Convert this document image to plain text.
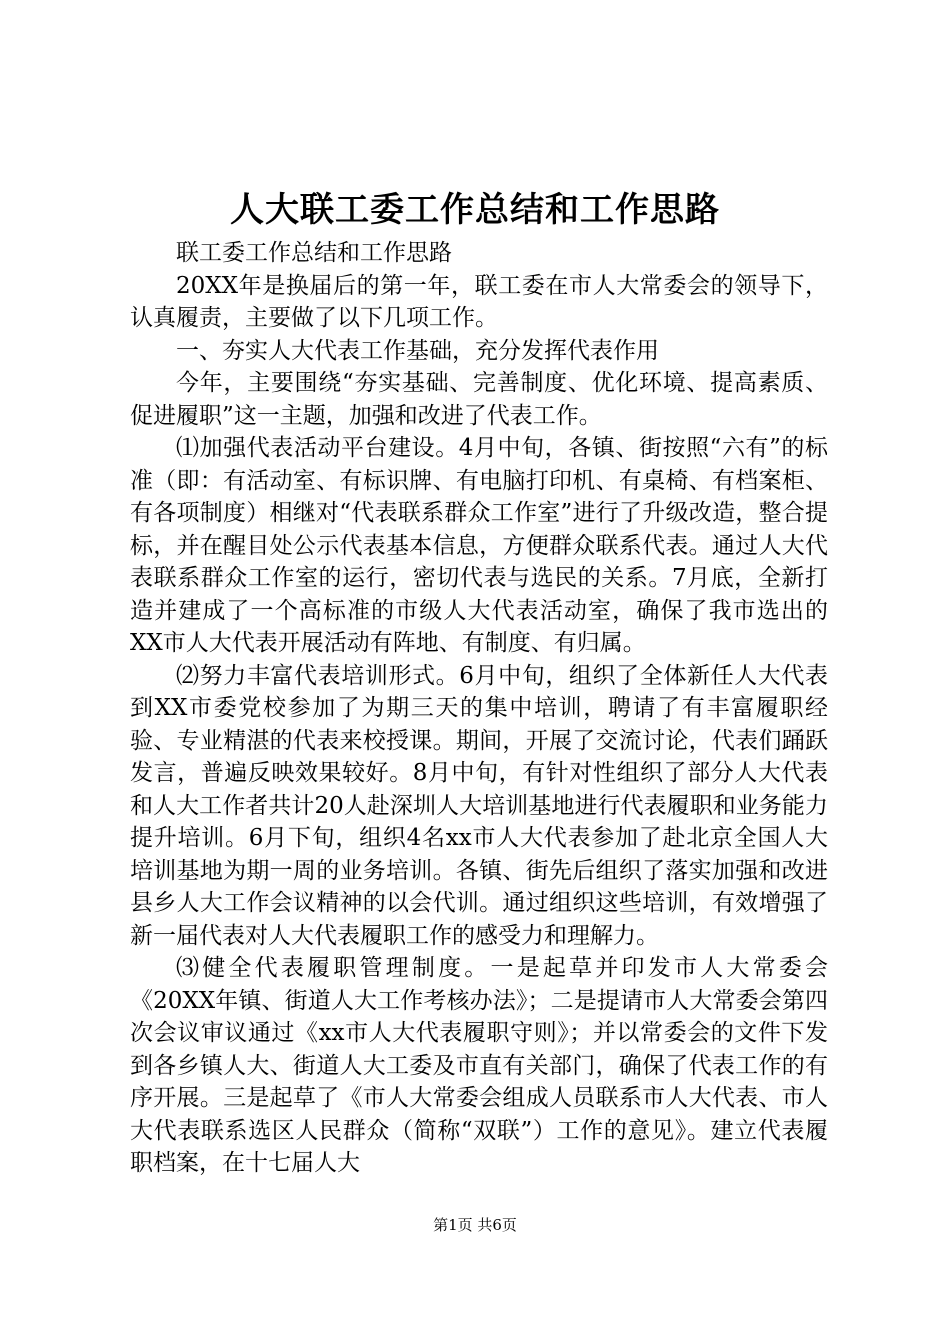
人大联工委工作总结和工作思路

联工委工作总结和工作思路

20XX年是换届后的第一年，联工委在市人大常委会的领导下，认真履责，主要做了以下几项工作。

一、夯实人大代表工作基础，充分发挥代表作用

今年，主要围绕“夯实基础、完善制度、优化环境、提高素质、促进履职”这一主题，加强和改进了代表工作。

⑴加强代表活动平台建设。4月中旬，各镇、街按照“六有”的标准（即：有活动室、有标识牌、有电脑打印机、有桌椅、有档案柜、有各项制度）相继对“代表联系群众工作室”进行了升级改造，整合提标，并在醒目处公示代表基本信息，方便群众联系代表。通过人大代表联系群众工作室的运行，密切代表与选民的关系。7月底，全新打造并建成了一个高标准的市级人大代表活动室，确保了我市选出的XX市人大代表开展活动有阵地、有制度、有归属。

⑵努力丰富代表培训形式。6月中旬，组织了全体新任人大代表到XX市委党校参加了为期三天的集中培训，聘请了有丰富履职经验、专业精湛的代表来校授课。期间，开展了交流讨论，代表们踊跃发言，普遍反映效果较好。8月中旬，有针对性组织了部分人大代表和人大工作者共计20人赴深圳人大培训基地进行代表履职和业务能力提升培训。6月下旬，组织4名xx市人大代表参加了赴北京全国人大培训基地为期一周的业务培训。各镇、街先后组织了落实加强和改进县乡人大工作会议精神的以会代训。通过组织这些培训，有效增强了新一届代表对人大代表履职工作的感受力和理解力。

⑶健全代表履职管理制度。一是起草并印发市人大常委会《20XX年镇、街道人大工作考核办法》；二是提请市人大常委会第四次会议审议通过《xx市人大代表履职守则》；并以常委会的文件下发到各乡镇人大、街道人大工委及市直有关部门，确保了代表工作的有序开展。三是起草了《市人大常委会组成人员联系市人大代表、市人大代表联系选区人民群众（简称“双联”）工作的意见》。建立代表履职档案，在十七届人大

第1页 共6页
